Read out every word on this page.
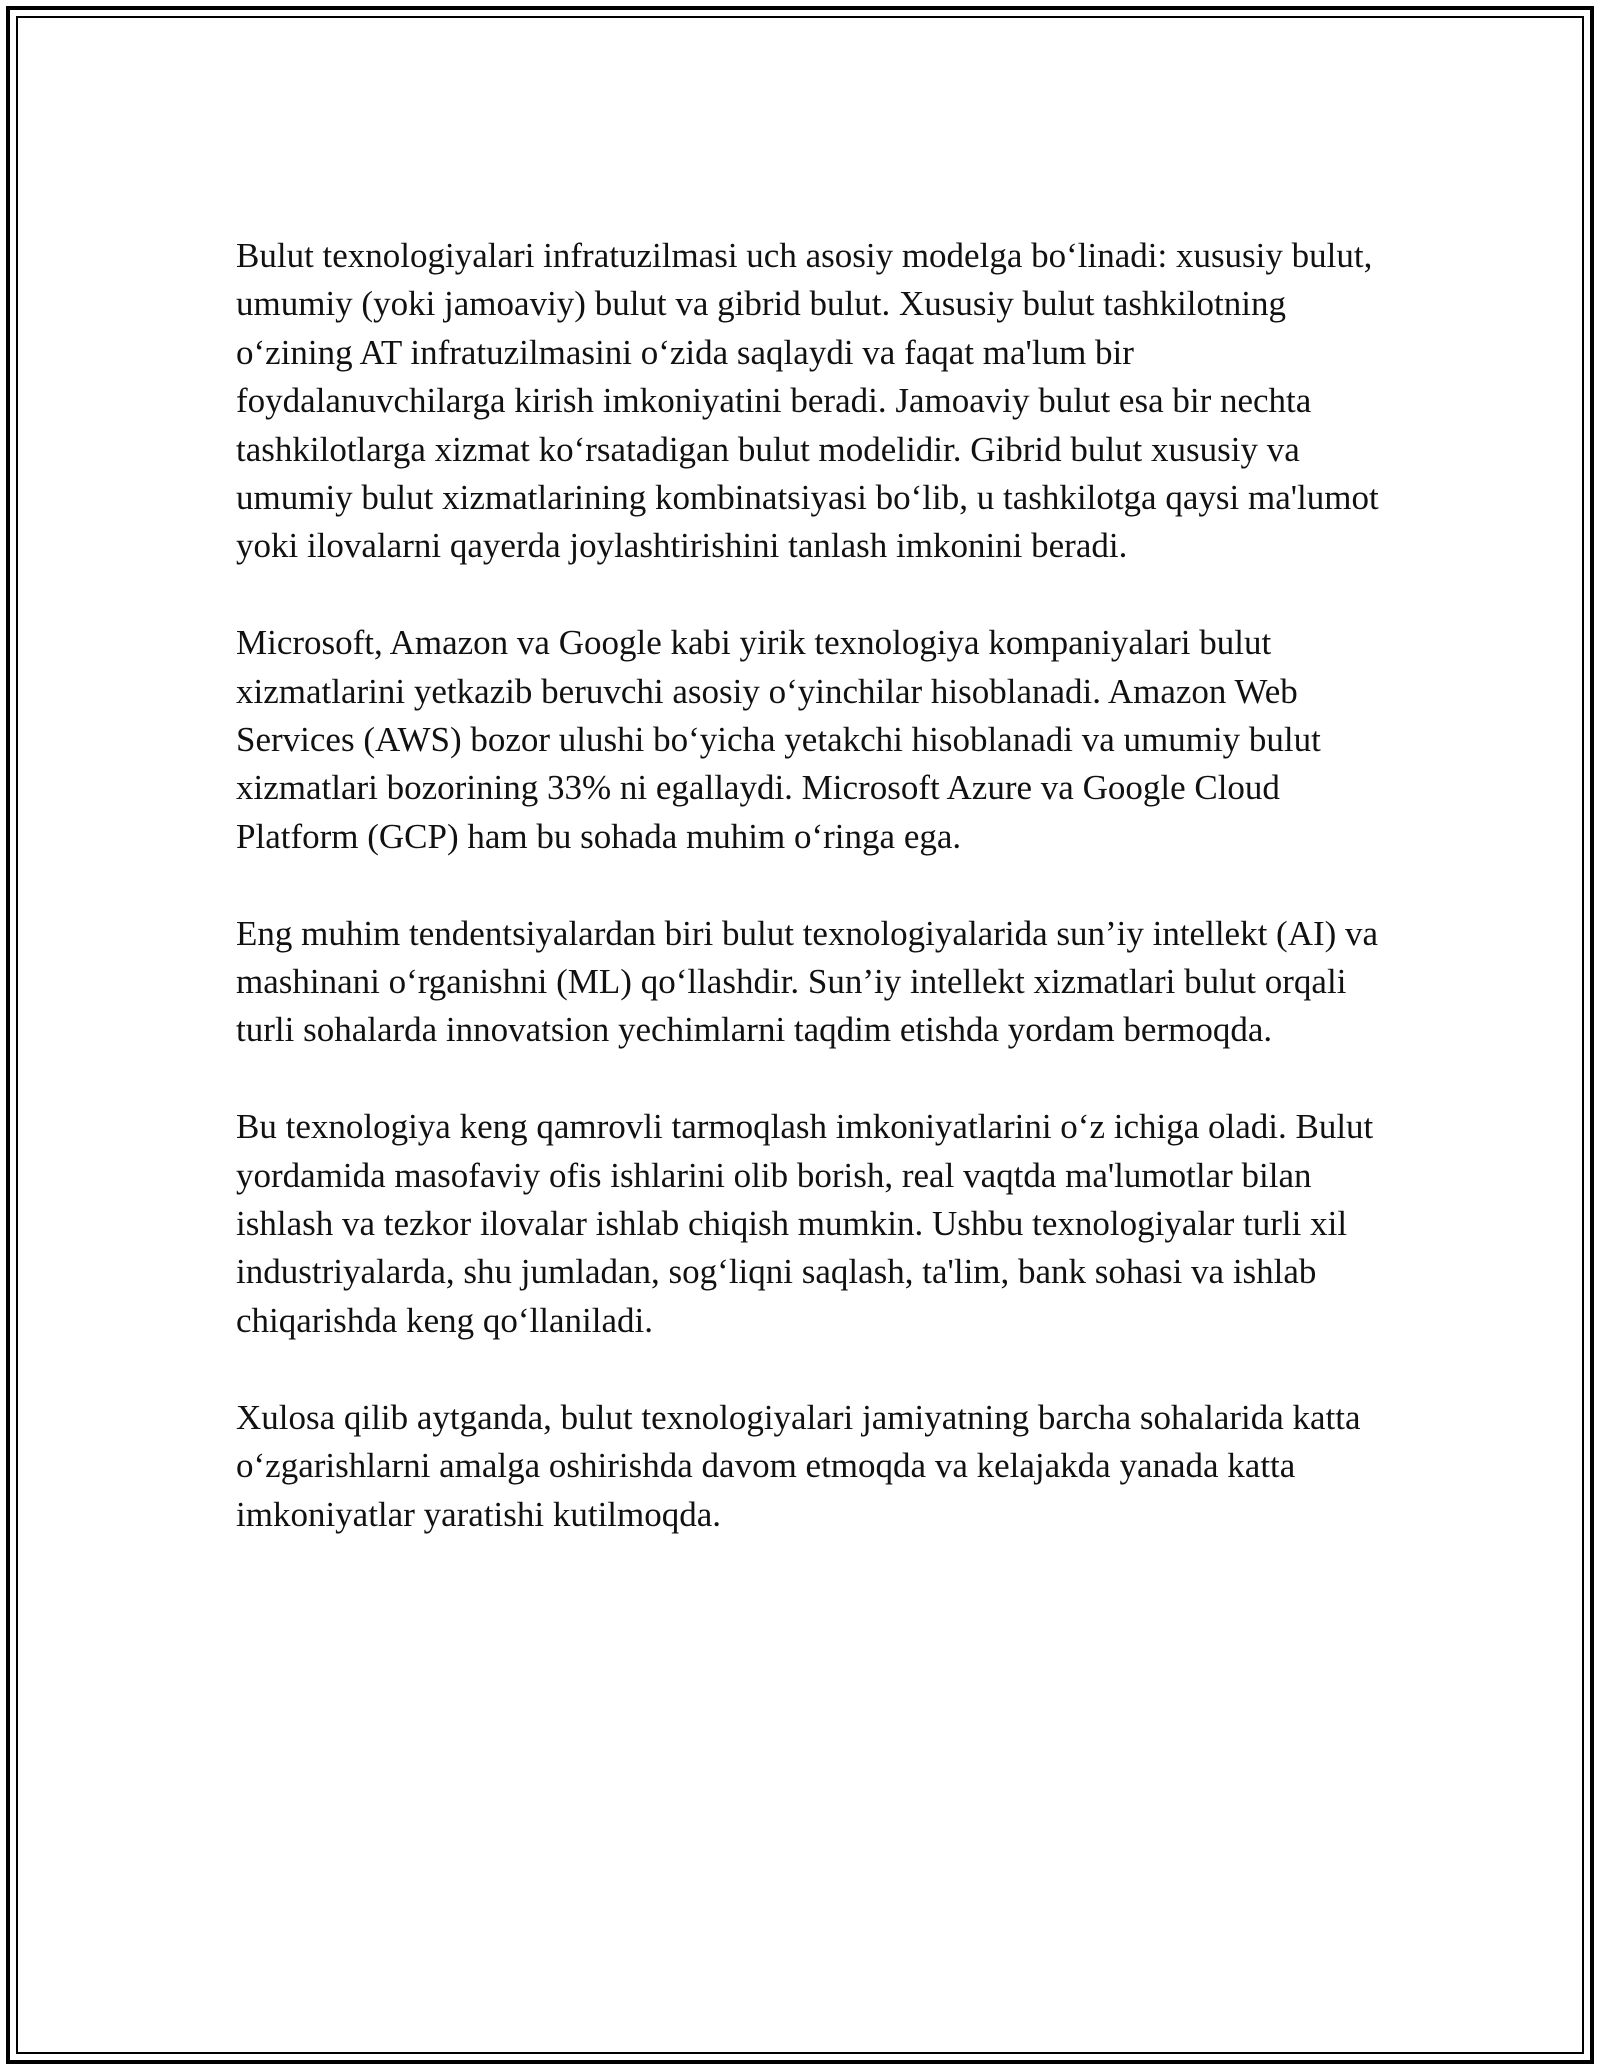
Bulut texnologiyalari infratuzilmasi uch asosiy modelga bo‘linadi: xususiy bulut, umumiy (yoki jamoaviy) bulut va gibrid bulut. Xususiy bulut tashkilotning o‘zining AT infratuzilmasini o‘zida saqlaydi va faqat ma'lum bir foydalanuvchilarga kirish imkoniyatini beradi. Jamoaviy bulut esa bir nechta tashkilotlarga xizmat ko‘rsatadigan bulut modelidir. Gibrid bulut xususiy va umumiy bulut xizmatlarining kombinatsiyasi bo‘lib, u tashkilotga qaysi ma'lumot yoki ilovalarni qayerda joylashtirishini tanlash imkonini beradi.

Microsoft, Amazon va Google kabi yirik texnologiya kompaniyalari bulut xizmatlarini yetkazib beruvchi asosiy o‘yinchilar hisoblanadi. Amazon Web Services (AWS) bozor ulushi bo‘yicha yetakchi hisoblanadi va umumiy bulut xizmatlari bozorining 33% ni egallaydi. Microsoft Azure va Google Cloud Platform (GCP) ham bu sohada muhim o‘ringa ega.

Eng muhim tendentsiyalardan biri bulut texnologiyalarida sun’iy intellekt (AI) va mashinani o‘rganishni (ML) qo‘llashdir. Sun’iy intellekt xizmatlari bulut orqali turli sohalarda innovatsion yechimlarni taqdim etishda yordam bermoqda.

Bu texnologiya keng qamrovli tarmoqlash imkoniyatlarini o‘z ichiga oladi. Bulut yordamida masofaviy ofis ishlarini olib borish, real vaqtda ma'lumotlar bilan ishlash va tezkor ilovalar ishlab chiqish mumkin. Ushbu texnologiyalar turli xil industriyalarda, shu jumladan, sog‘liqni saqlash, ta'lim, bank sohasi va ishlab chiqarishda keng qo‘llaniladi.

Xulosa qilib aytganda, bulut texnologiyalari jamiyatning barcha sohalarida katta o‘zgarishlarni amalga oshirishda davom etmoqda va kelajakda yanada katta imkoniyatlar yaratishi kutilmoqda.
